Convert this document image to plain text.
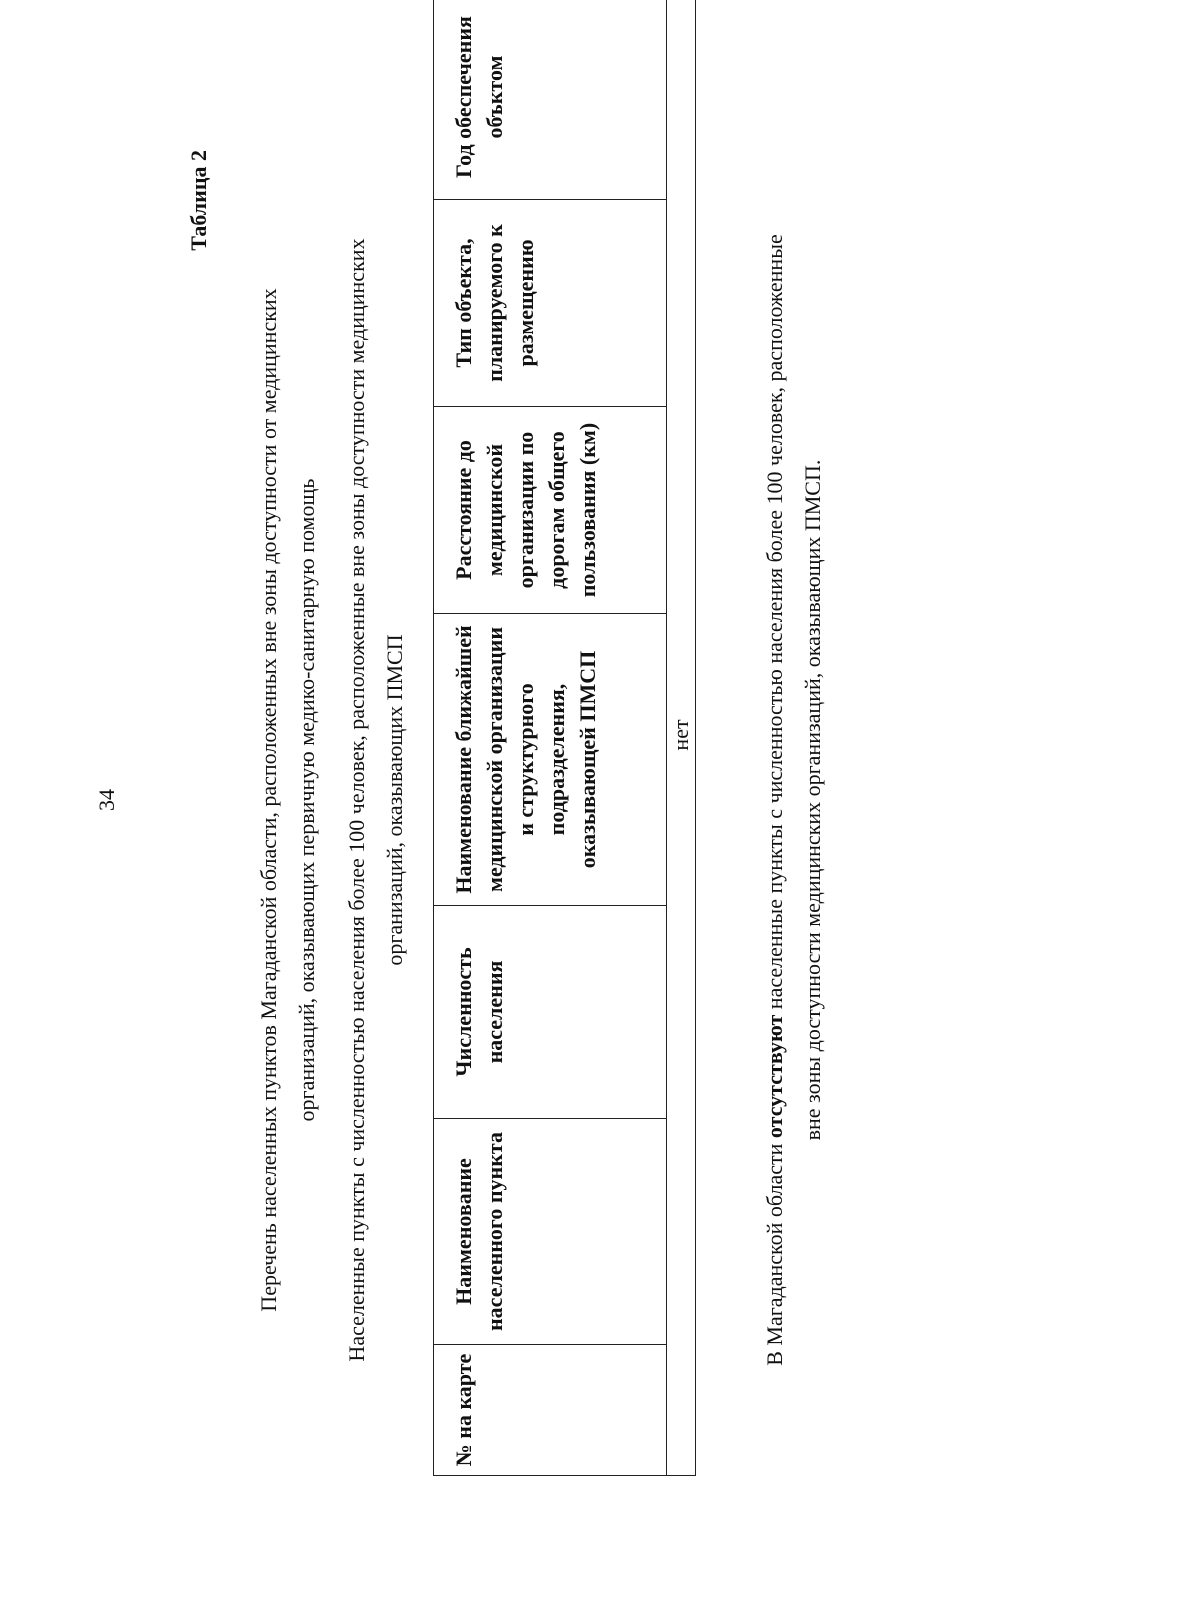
34
Таблица 2
Перечень населенных пунктов Магаданской области, расположенных вне зоны доступности от медицинских организаций, оказывающих первичную медико-санитарную помощь	Населенные пункты с численностью населения более 100 человек, расположенные вне зоны доступности медицинских организаций, оказывающих ПМСП
№ на карте	Наименование населенного пункта	Численность населения	Наименование ближайшей медицинской организации и структурного подразделения, оказывающей ПМСП	Расстояние до медицинской организации по дорогам общего пользования (км)	Тип объекта, планируемого к размещению	Год обеспечения объктом
нет
В Магаданской области отсутствуют населенные пункты с численностью населения более 100 человек, расположенные вне зоны доступности медицинских организаций, оказывающих ПМСП.
